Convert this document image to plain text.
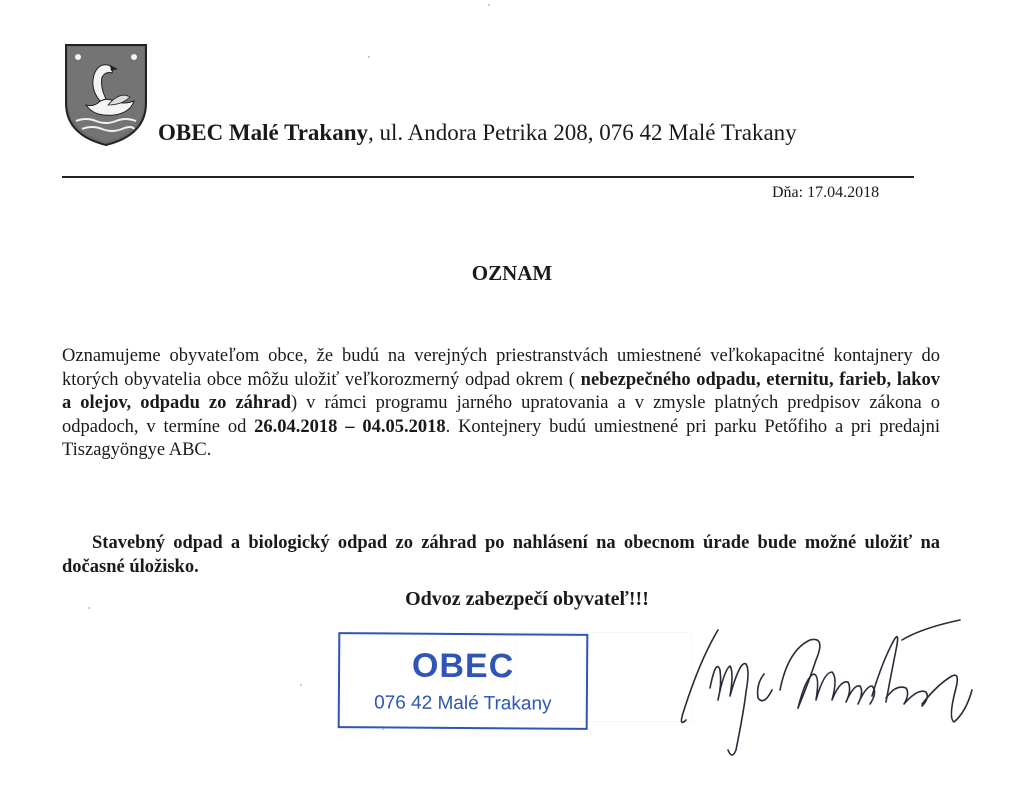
OBEC Malé Trakany, ul. Andora Petrika 208, 076 42 Malé Trakany
Dňa: 17.04.2018
OZNAM
Oznamujeme obyvateľom obce, že budú na verejných priestranstvách umiestnené veľkokapacitné kontajnery do ktorých obyvatelia obce môžu uložiť veľkorozmerný odpad okrem ( nebezpečného odpadu, eternitu, farieb, lakov a olejov, odpadu zo záhrad) v rámci programu jarného upratovania a v zmysle platných predpisov zákona o odpadoch, v termíne od 26.04.2018 – 04.05.2018. Kontejnery budú umiestnené pri parku Petőfiho a pri predajni Tiszagyöngye ABC.
Stavebný odpad a biologický odpad zo záhrad po nahlásení na obecnom úrade bude možné uložiť na dočasné úložisko.
Odvoz zabezpečí obyvateľ!!!
OBEC
076 42 Malé Trakany
